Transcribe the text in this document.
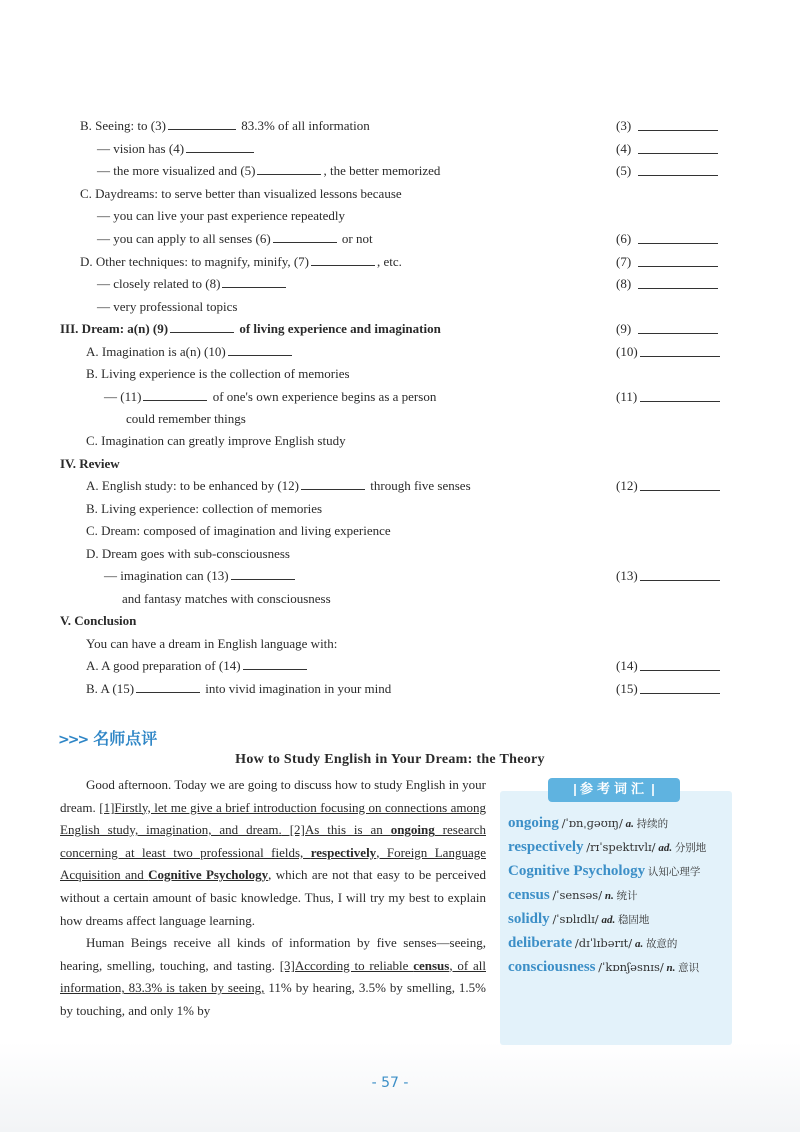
B. Seeing: to (3)	83.3% of all information	(3)
— vision has (4)	(4)
— the more visualized and (5)	, the better memorized	(5)
C. Daydreams: to serve better than visualized lessons because
— you can live your past experience repeatedly
— you can apply to all senses (6)	or not	(6)
D. Other techniques: to magnify, minify, (7)	, etc.	(7)
— closely related to (8)	(8)
— very professional topics
III. Dream: a(n) (9)	of living experience and imagination	(9)
A. Imagination is a(n) (10)	(10)
B. Living experience is the collection of memories
— (11)	of one's own experience begins as a person	(11)
could remember things
C. Imagination can greatly improve English study
IV. Review
A. English study: to be enhanced by (12)	through five senses	(12)
B. Living experience: collection of memories
C. Dream: composed of imagination and living experience
D. Dream goes with sub-consciousness
— imagination can (13)	(13)
and fantasy matches with consciousness
V. Conclusion
You can have a dream in English language with:
A. A good preparation of (14)	(14)
B. A (15)	into vivid imagination in your mind	(15)
>>> 名师点评
How to Study English in Your Dream: the Theory

Good afternoon. Today we are going to discuss how to study English in your dream. [1]Firstly, let me give a brief introduction focusing on connections among English study, imagination, and dream. [2]As this is an ongoing research concerning at least two professional fields, respectively, Foreign Language Acquisition and Cognitive Psychology, which are not that easy to be perceived without a certain amount of basic knowledge. Thus, I will try my best to explain how dreams affect language learning.

Human Beings receive all kinds of information by five senses—seeing, hearing, smelling, touching, and tasting. [3]According to reliable census, of all information, 83.3% is taken by seeing, 11% by hearing, 3.5% by smelling, 1.5% by touching, and only 1% by

参考词汇
ongoing /ˈɒnˌɡəʊɪŋ/ a. 持续的
respectively /rɪˈspektɪvlɪ/ ad. 分别地
Cognitive Psychology 认知心理学
census /ˈsensəs/ n. 统计
solidly /ˈsɒlɪdlɪ/ ad. 稳固地
deliberate /dɪˈlɪbərɪt/ a. 故意的
consciousness /ˈkɒnʃəsnɪs/ n. 意识
- 57 -
